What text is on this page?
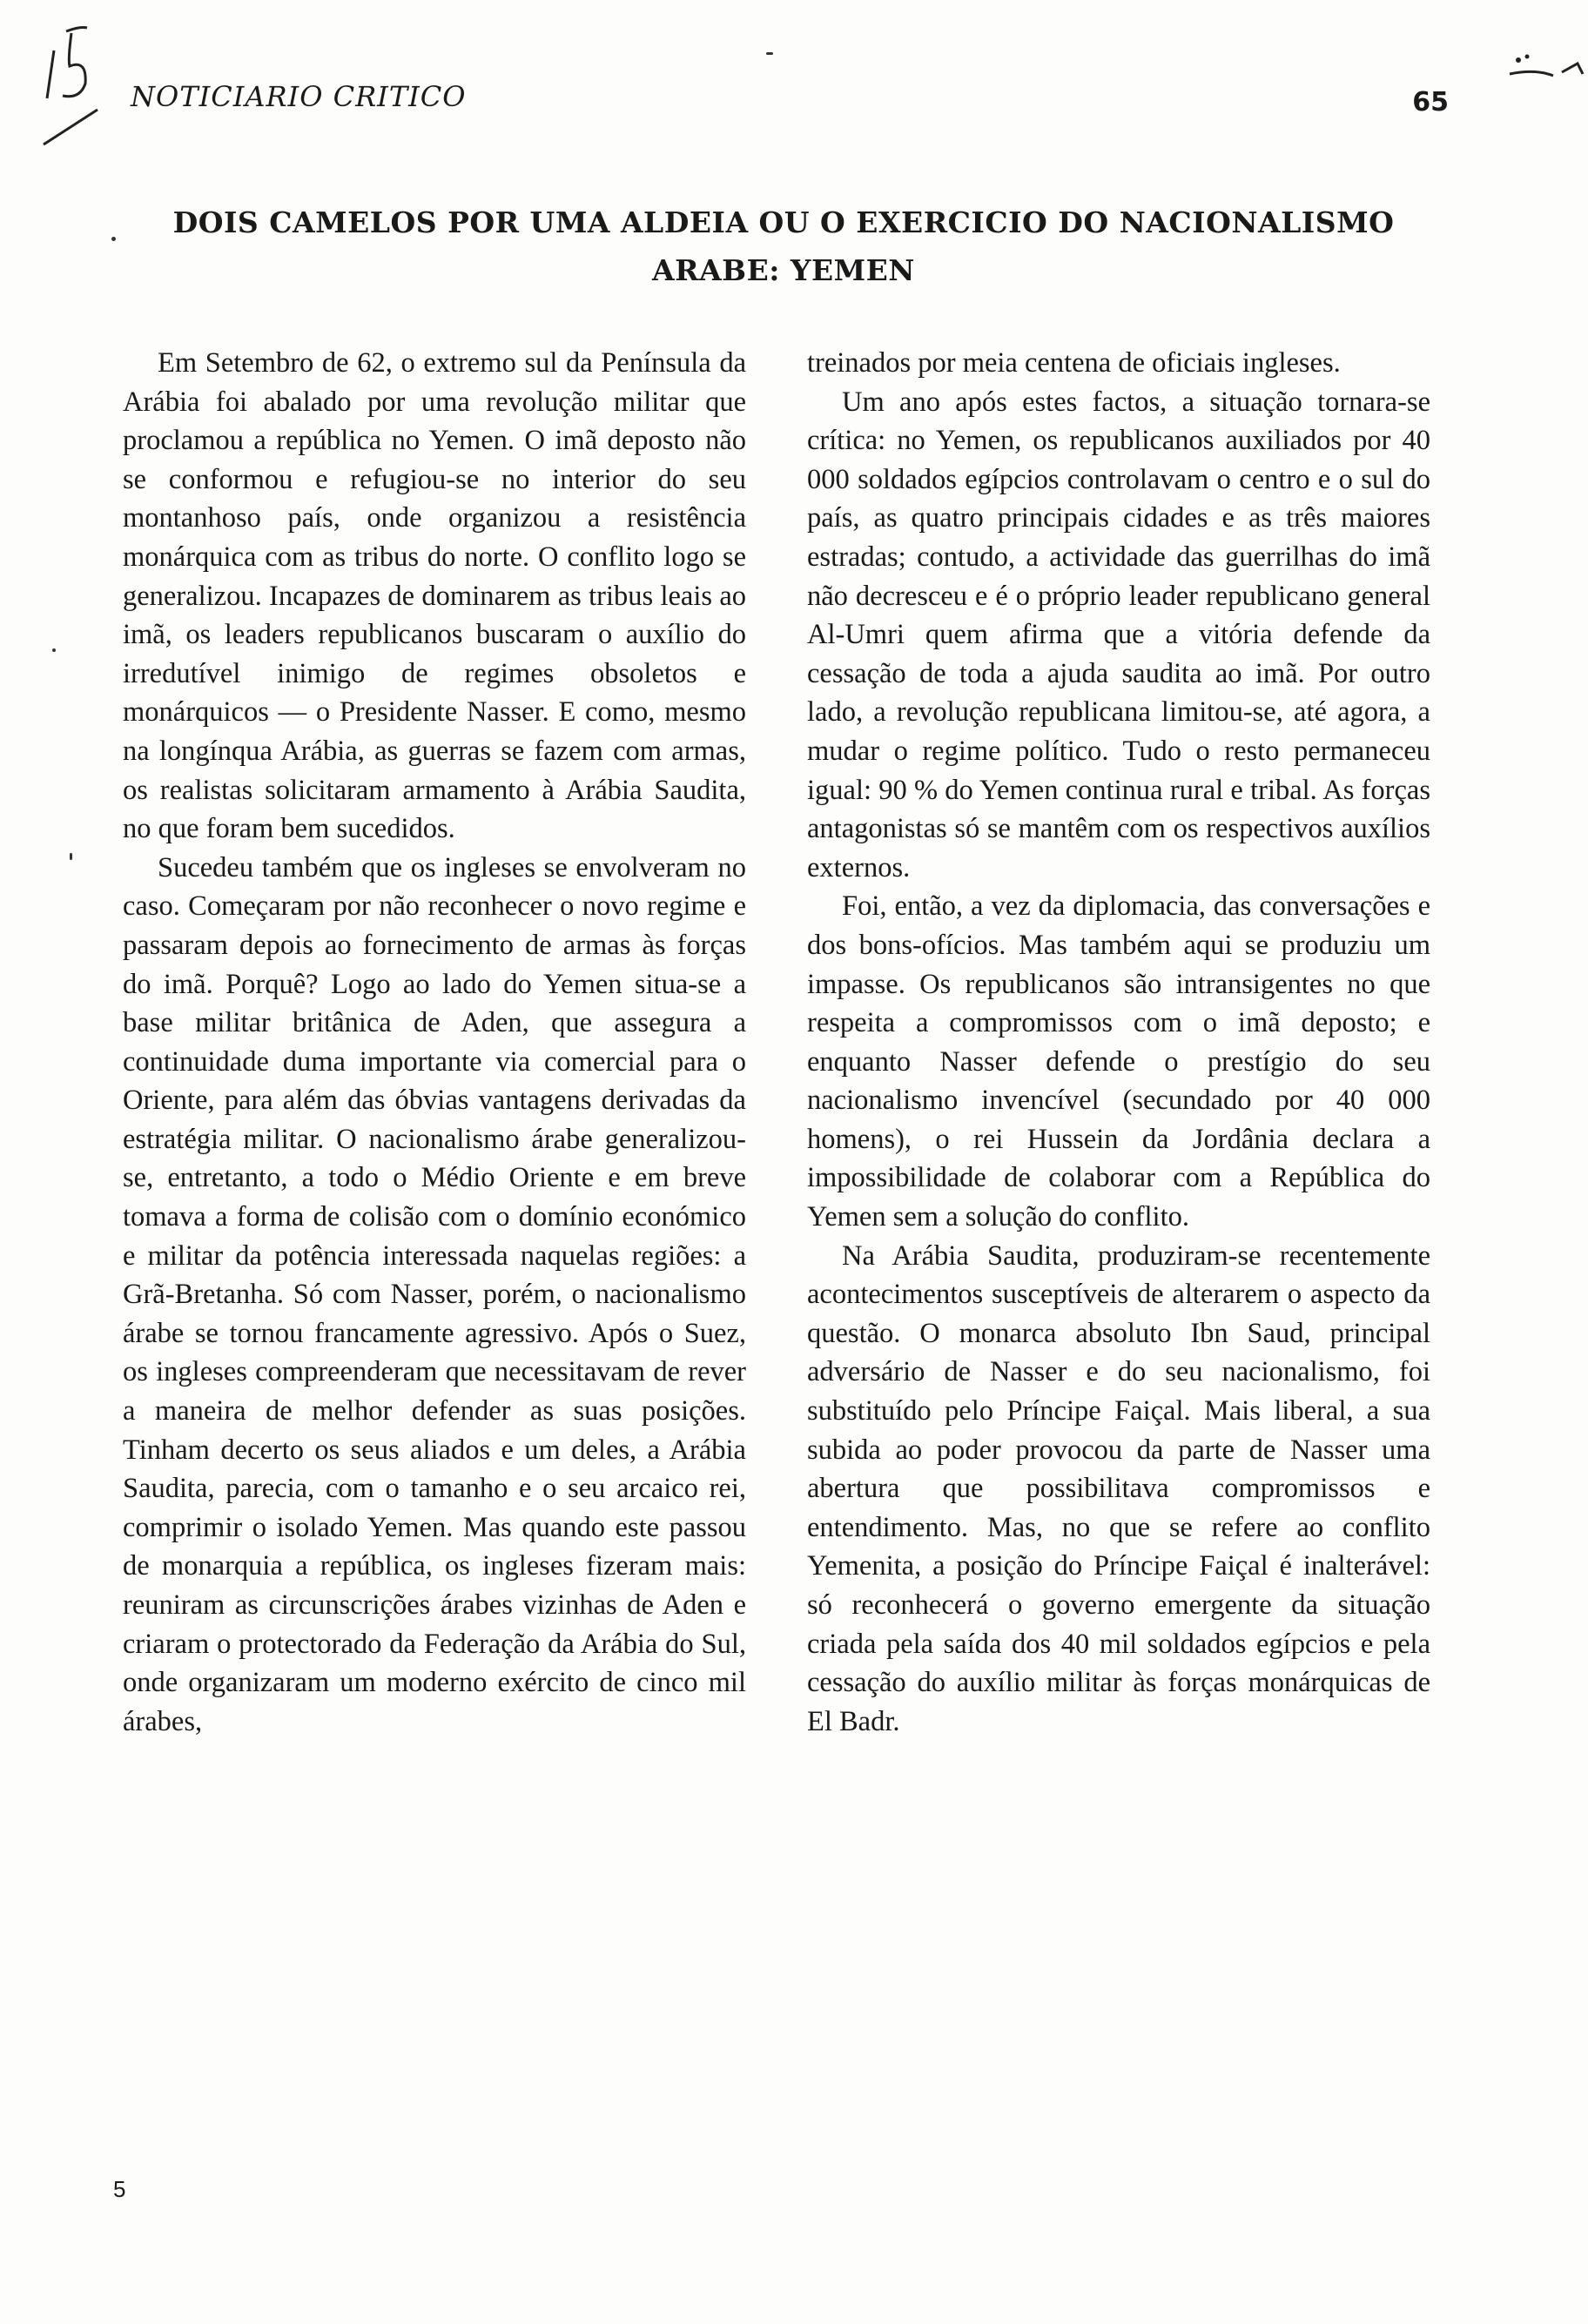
NOTICIARIO CRITICO	65
DOIS CAMELOS POR UMA ALDEIA OU O EXERCICIO DO NACIONALISMO
ARABE: YEMEN

Em Setembro de 62, o extremo sul da Península da Arábia foi abalado por uma revolução militar que proclamou a república no Yemen. O imã deposto não se conformou e refugiou-se no interior do seu montanhoso país, onde organizou a resistência monárquica com as tribus do norte. O conflito logo se generalizou. Incapazes de dominarem as tribus leais ao imã, os leaders republicanos buscaram o auxílio do irredutível inimigo de regimes obsoletos e monárquicos — o Presidente Nasser. E como, mesmo na longínqua Arábia, as guerras se fazem com armas, os realistas solicitaram armamento à Arábia Saudita, no que foram bem sucedidos.

Sucedeu também que os ingleses se envolveram no caso. Começaram por não reconhecer o novo regime e passaram depois ao fornecimento de armas às forças do imã. Porquê? Logo ao lado do Yemen situa-se a base militar britânica de Aden, que assegura a continuidade duma importante via comercial para o Oriente, para além das óbvias vantagens derivadas da estratégia militar. O nacionalismo árabe generalizou-se, entretanto, a todo o Médio Oriente e em breve tomava a forma de colisão com o domínio económico e militar da potência interessada naquelas regiões: a Grã-Bretanha. Só com Nasser, porém, o nacionalismo árabe se tornou francamente agressivo. Após o Suez, os ingleses compreenderam que necessitavam de rever a maneira de melhor defender as suas posições. Tinham decerto os seus aliados e um deles, a Arábia Saudita, parecia, com o tamanho e o seu arcaico rei, comprimir o isolado Yemen. Mas quando este passou de monarquia a república, os ingleses fizeram mais: reuniram as circunscrições árabes vizinhas de Aden e criaram o protectorado da Federação da Arábia do Sul, onde organizaram um moderno exército de cinco mil árabes,

treinados por meia centena de oficiais ingleses.

Um ano após estes factos, a situação tornara-se crítica: no Yemen, os republicanos auxiliados por 40 000 soldados egípcios controlavam o centro e o sul do país, as quatro principais cidades e as três maiores estradas; contudo, a actividade das guerrilhas do imã não decresceu e é o próprio leader republicano general Al-Umri quem afirma que a vitória defende da cessação de toda a ajuda saudita ao imã. Por outro lado, a revolução republicana limitou-se, até agora, a mudar o regime político. Tudo o resto permaneceu igual: 90 % do Yemen continua rural e tribal. As forças antagonistas só se mantêm com os respectivos auxílios externos.

Foi, então, a vez da diplomacia, das conversações e dos bons-ofícios. Mas também aqui se produziu um impasse. Os republicanos são intransigentes no que respeita a compromissos com o imã deposto; e enquanto Nasser defende o prestígio do seu nacionalismo invencível (secundado por 40 000 homens), o rei Hussein da Jordânia declara a impossibilidade de colaborar com a República do Yemen sem a solução do conflito.

Na Arábia Saudita, produziram-se recentemente acontecimentos susceptíveis de alterarem o aspecto da questão. O monarca absoluto Ibn Saud, principal adversário de Nasser e do seu nacionalismo, foi substituído pelo Príncipe Faiçal. Mais liberal, a sua subida ao poder provocou da parte de Nasser uma abertura que possibilitava compromissos e entendimento. Mas, no que se refere ao conflito Yemenita, a posição do Príncipe Faiçal é inalterável: só reconhecerá o governo emergente da situação criada pela saída dos 40 mil soldados egípcios e pela cessação do auxílio militar às forças monárquicas de El Badr.

5
